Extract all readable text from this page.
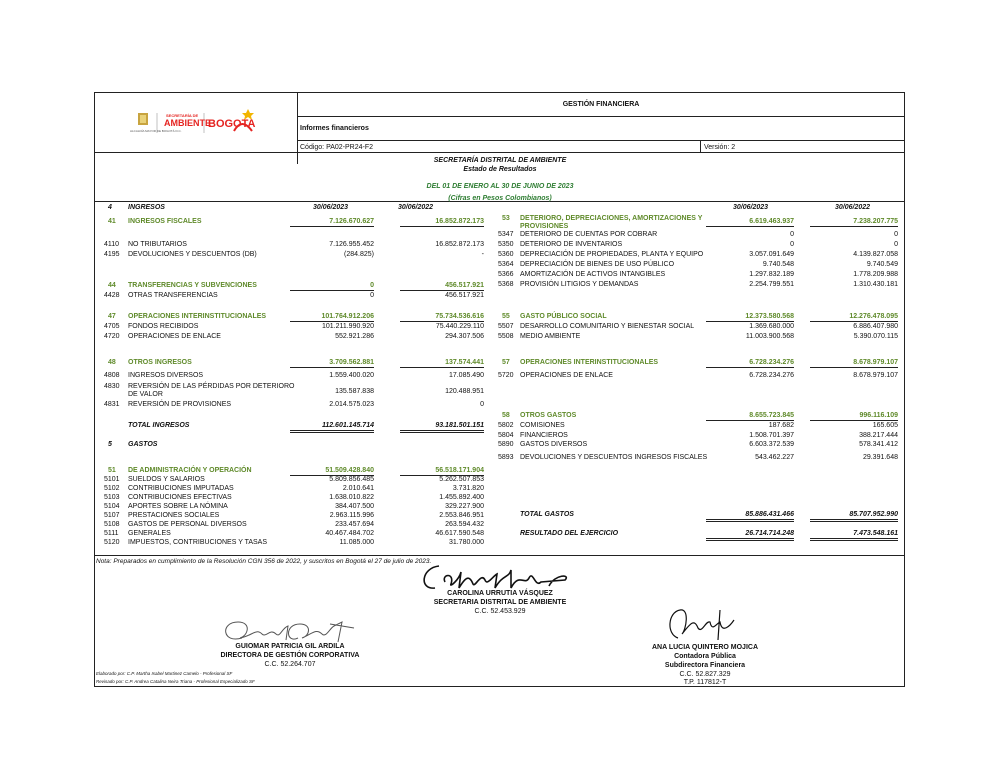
ALCALDÍA MAYOR DE BOGOTÁ D.C.
SECRETARÍA DE
AMBIENTE
BOGOTA
GESTIÓN FINANCIERA
Informes financieros
Código: PA02-PR24-F2	Versión: 2
SECRETARÍA DISTRITAL DE AMBIENTE
Estado de Resultados
DEL 01 DE ENERO AL 30 DE JUNIO DE 2023
(Cifras en Pesos Colombianos)
4 INGRESOS	30/06/2023	30/06/2022
41 INGRESOS FISCALES	7.126.670.627	16.852.872.173
4110 NO TRIBUTARIOS	7.126.955.452	16.852.872.173
4195 DEVOLUCIONES Y DESCUENTOS (DB)	(284.825)	-
44 TRANSFERENCIAS Y SUBVENCIONES	0	456.517.921
4428 OTRAS TRANSFERENCIAS	0	456.517.921
47 OPERACIONES INTERINSTITUCIONALES	101.764.912.206	75.734.536.616
4705 FONDOS RECIBIDOS	101.211.990.920	75.440.229.110
4720 OPERACIONES DE ENLACE	552.921.286	294.307.506
48 OTROS INGRESOS	3.709.562.881	137.574.441
4808 INGRESOS DIVERSOS	1.559.400.020	17.085.490
4830 REVERSIÓN DE LAS PÉRDIDAS POR DETERIORO
DE VALOR	135.587.838	120.488.951
4831 REVERSIÓN DE PROVISIONES	2.014.575.023	0
TOTAL INGRESOS	112.601.145.714	93.181.501.151
5 GASTOS
51 DE ADMINISTRACIÓN Y OPERACIÓN	51.509.428.840	56.518.171.904
5101 SUELDOS Y SALARIOS	5.809.856.485	5.262.507.853
5102 CONTRIBUCIONES IMPUTADAS	2.010.641	3.731.820
5103 CONTRIBUCIONES EFECTIVAS	1.638.010.822	1.455.892.400
5104 APORTES SOBRE LA NÓMINA	384.407.500	329.227.900
5107 PRESTACIONES SOCIALES	2.963.115.996	2.553.846.951
5108 GASTOS DE PERSONAL DIVERSOS	233.457.694	263.594.432
5111 GENERALES	40.467.484.702	46.617.590.548
5120 IMPUESTOS, CONTRIBUCIONES Y TASAS	11.085.000	31.780.000
30/06/2023	30/06/2022
53 DETERIORO, DEPRECIACIONES, AMORTIZACIONES Y
PROVISIONES
6.619.463.937	7.238.207.775
5347 DETERIORO DE CUENTAS POR COBRAR	0	0
5350 DETERIORO DE INVENTARIOS	0	0
5360 DEPRECIACIÓN DE PROPIEDADES, PLANTA Y EQUIPO	3.057.091.649	4.139.827.058
5364 DEPRECIACIÓN DE BIENES DE USO PÚBLICO	9.740.548	9.740.549
5366 AMORTIZACIÓN DE ACTIVOS INTANGIBLES	1.297.832.189	1.778.209.988
5368 PROVISIÓN LITIGIOS Y DEMANDAS	2.254.799.551	1.310.430.181
55 GASTO PÚBLICO SOCIAL	12.373.580.568	12.276.478.095
5507 DESARROLLO COMUNITARIO Y BIENESTAR SOCIAL	1.369.680.000	6.886.407.980
5508 MEDIO AMBIENTE	11.003.900.568	5.390.070.115
57 OPERACIONES INTERINSTITUCIONALES	6.728.234.276	8.678.979.107
5720 OPERACIONES DE ENLACE	6.728.234.276	8.678.979.107
58 OTROS GASTOS	8.655.723.845	996.116.109
5802 COMISIONES	187.682	165.605
5804 FINANCIEROS	1.508.701.397	388.217.444
5890 GASTOS DIVERSOS	6.603.372.539	578.341.412
5893 DEVOLUCIONES Y DESCUENTOS INGRESOS FISCALES	543.462.227	29.391.648
TOTAL GASTOS	85.886.431.466	85.707.952.990
RESULTADO DEL EJERCICIO	26.714.714.248	7.473.548.161
Nota: Preparados en cumplimiento de la Resolución CGN 356 de 2022, y suscritos en Bogotá el 27 de julio de 2023.
CAROLINA URRUTIA VÁSQUEZ
SECRETARIA DISTRITAL DE AMBIENTE
C.C. 52.453.929
GUIOMAR PATRICIA GIL ARDILA
DIRECTORA DE GESTIÓN CORPORATIVA
C.C. 52.264.707
ANA LUCIA QUINTERO MOJICA
Contadora Pública
Subdirectora Financiera
C.C. 52.827.329
T.P. 117812-T
Elaborado por: C.P. Martha Isabel Martinez Camelo - Profesional SF
Revisado por: C.P. Andrea Catalina Neira Triana - Profesional Especializado SF
